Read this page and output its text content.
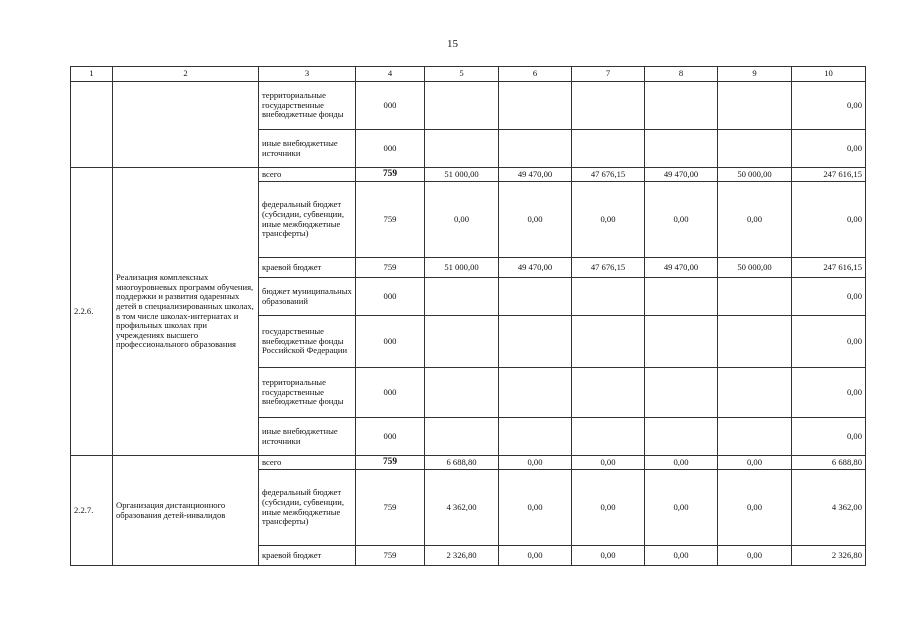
15
1	2	3	4	5	6	7	8	9	10
		территориальные государственные внебюджетные фонды	000						0,00
		иные внебюджетные источники	000						0,00
2.2.6.	Реализация комплексных многоуровневых программ обучения, поддержки и развития одаренных детей в специализированных школах, в том числе школах-интернатах и профильных школах при учреждениях высшего профессионального образования	всего	759	51 000,00	49 470,00	47 676,15	49 470,00	50 000,00	247 616,15
		федеральный бюджет (субсидии, субвенции, иные межбюджетные трансферты)	759	0,00	0,00	0,00	0,00	0,00	0,00
		краевой бюджет	759	51 000,00	49 470,00	47 676,15	49 470,00	50 000,00	247 616,15
		бюджет муниципальных образований	000						0,00
		государственные внебюджетные фонды Российской Федерации	000						0,00
		территориальные государственные внебюджетные фонды	000						0,00
		иные внебюджетные источники	000						0,00
2.2.7.	Организация дистанционного образования детей-инвалидов	всего	759	6 688,80	0,00	0,00	0,00	0,00	6 688,80
		федеральный бюджет (субсидии, субвенции, иные межбюджетные трансферты)	759	4 362,00	0,00	0,00	0,00	0,00	4 362,00
		краевой бюджет	759	2 326,80	0,00	0,00	0,00	0,00	2 326,80
